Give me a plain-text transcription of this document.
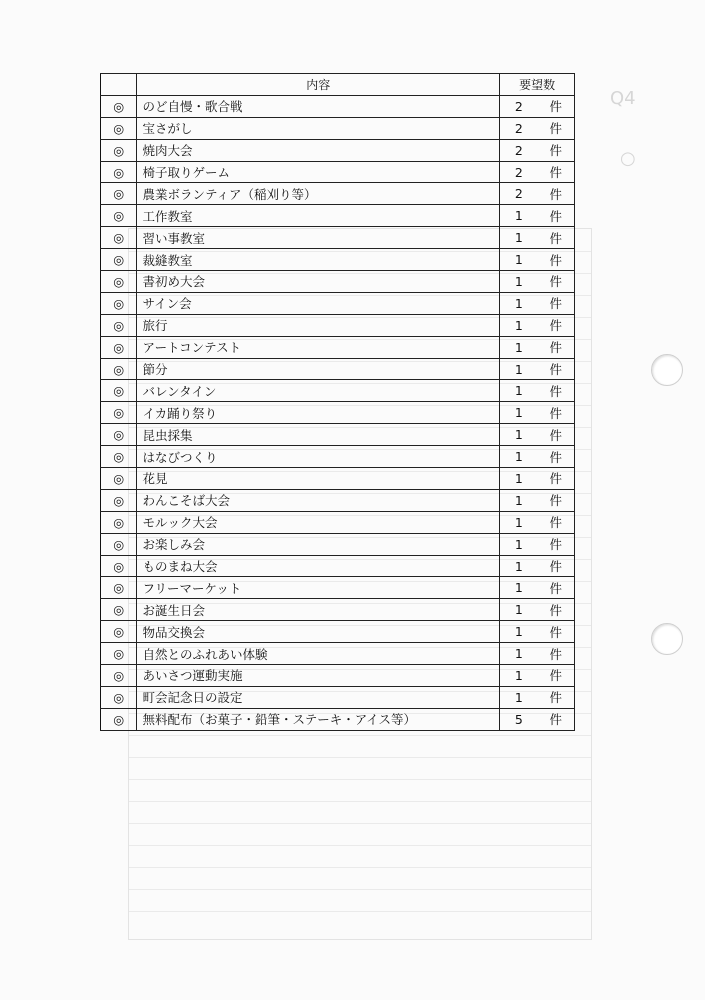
Q4
○
	内容	要望数	
◎	のど自慢・歌合戦	2	件
◎	宝さがし	2	件
◎	焼肉大会	2	件
◎	椅子取りゲーム	2	件
◎	農業ボランティア（稲刈り等）	2	件
◎	工作教室	1	件
◎	習い事教室	1	件
◎	裁縫教室	1	件
◎	書初め大会	1	件
◎	サイン会	1	件
◎	旅行	1	件
◎	アートコンテスト	1	件
◎	節分	1	件
◎	バレンタイン	1	件
◎	イカ踊り祭り	1	件
◎	昆虫採集	1	件
◎	はなびつくり	1	件
◎	花見	1	件
◎	わんこそば大会	1	件
◎	モルック大会	1	件
◎	お楽しみ会	1	件
◎	ものまね大会	1	件
◎	フリーマーケット	1	件
◎	お誕生日会	1	件
◎	物品交換会	1	件
◎	自然とのふれあい体験	1	件
◎	あいさつ運動実施	1	件
◎	町会記念日の設定	1	件
◎	無料配布（お菓子・鉛筆・ステーキ・アイス等）	5	件
